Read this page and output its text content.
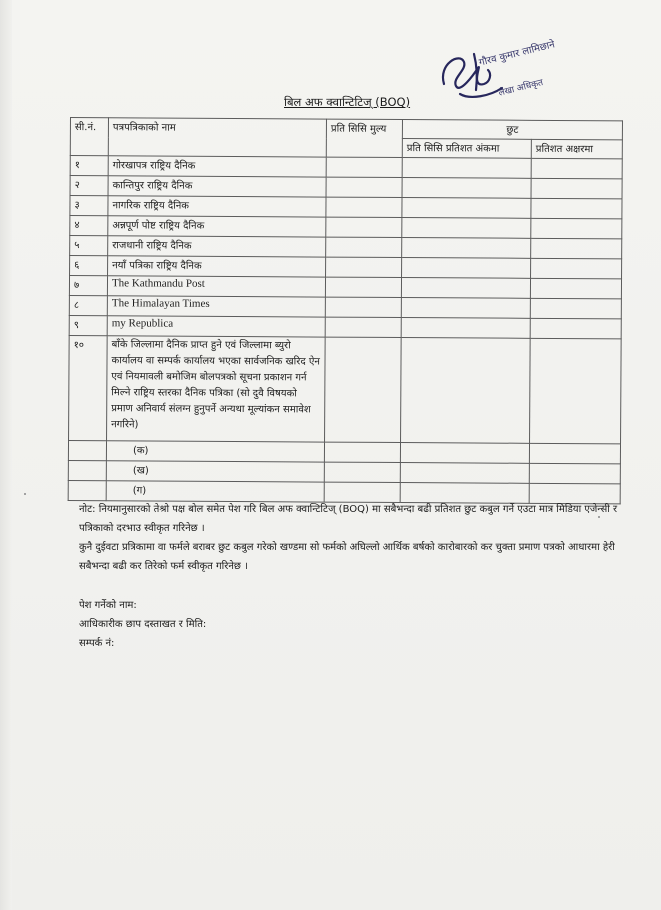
गौरव कुमार लामिछाने
लेखा अधिकृत
बिल अफ क्वान्टिटिज् (BOQ)
सी.नं.	पत्रपत्रिकाको नाम	प्रति सिसि मुल्य	छुट	
			प्रति सिसि प्रतिशत अंकमा	प्रतिशत अक्षरमा
१	गोरखापत्र राष्ट्रिय दैनिक			
२	कान्तिपुर राष्ट्रिय दैनिक			
३	नागरिक राष्ट्रिय दैनिक			
४	अन्नपूर्ण पोष्ट राष्ट्रिय दैनिक			
५	राजधानी राष्ट्रिय दैनिक			
६	नयाँ पत्रिका राष्ट्रिय दैनिक			
७	The Kathmandu Post			
८	The Himalayan Times			
९	my Republica			
१०	बाँके जिल्लामा दैनिक प्राप्त हुने एवं जिल्लामा ब्युरो कार्यालय वा सम्पर्क कार्यालय भएका सार्वजनिक खरिद ऐन एवं नियमावली बमोजिम बोलपत्रको सूचना प्रकाशन गर्न मिल्ने राष्ट्रिय स्तरका दैनिक पत्रिका (सो दुवै विषयको प्रमाण अनिवार्य संलग्न हुनुपर्ने अन्यथा मूल्यांकन समावेश नगरिने)			
	(क)			
	(ख)			
	(ग)			

नोट: नियमानुसारको तेश्रो पक्ष बोल समेत पेश गरि बिल अफ क्वान्टिटिज् (BOQ) मा सबैभन्दा बढी प्रतिशत छुट कबुल गर्ने एउटा मात्र मिडिया एजेन्सी र पत्रिकाको दरभाउ स्वीकृत गरिनेछ ।

कुनै दुईवटा प्रत्रिकामा वा फर्मले बराबर छुट कबुल गरेको खण्डमा सो फर्मको अघिल्लो आर्थिक बर्षको कारोबारको कर चुक्ता प्रमाण पत्रको आधारमा हेरी सबैभन्दा बढी कर तिरेको फर्म स्वीकृत गरिनेछ ।

पेश गर्नेको नाम:
आधिकारीक छाप दस्ताखत र मिति:
सम्पर्क नं:
